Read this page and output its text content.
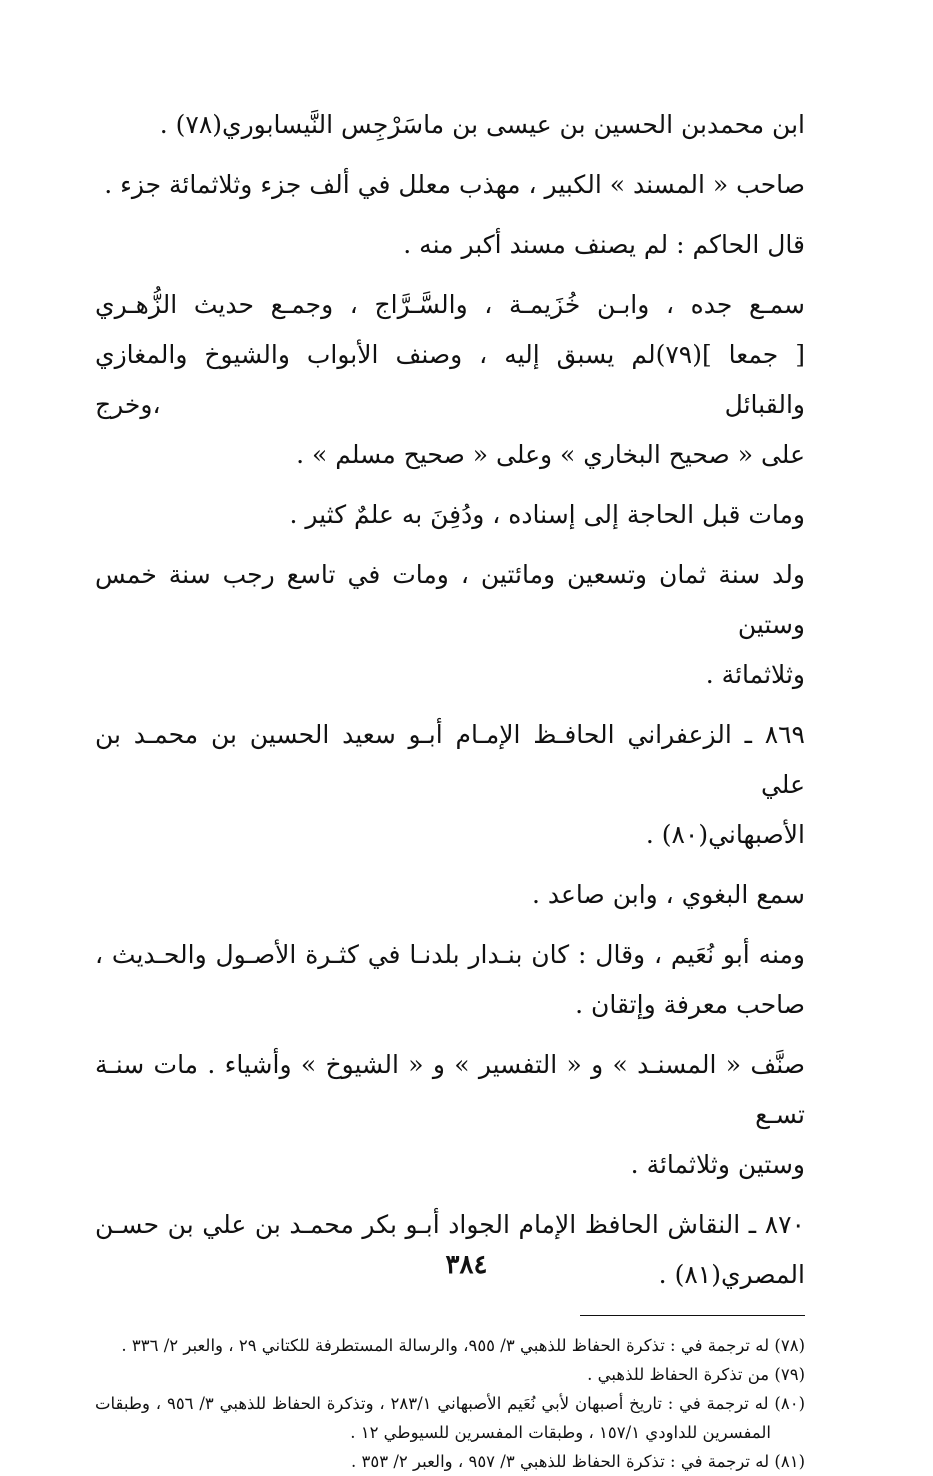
ابن محمدبن الحسين بن عيسى بن ماسَرْجِس النَّيسابوري(٧٨) .
صاحب « المسند » الكبير ، مهذب معلل في ألف جزء وثلاثمائة جزء .
قال الحاكم : لم يصنف مسند أكبر منه .
سمـع جده ، وابـن خُزَيمـة ، والسَّـرَّاج ، وجمـع حديث الزُّهـري
[ جمعا ](٧٩)لم يسبق إليه ، وصنف الأبواب والشيوخ والمغازي والقبائل ،وخرج
على « صحيح البخاري » وعلى « صحيح مسلم » .
ومات قبل الحاجة إلى إسناده ، ودُفِنَ به علمٌ كثير .
ولد سنة ثمان وتسعين ومائتين ، ومات في تاسع رجب سنة خمس وستين
وثلاثمائة .
٨٦٩ ـ الزعفراني الحافـظ الإمـام أبـو سعيد الحسين بن محمـد بن علي
الأصبهاني(٨٠) .
سمع البغوي ، وابن صاعد .
ومنه أبو نُعَيم ، وقال : كان بنـدار بلدنـا في كثـرة الأصـول والحـديث ،
صاحب معرفة وإتقان .
صنَّف « المسنـد » و « التفسير » و « الشيوخ » وأشياء . مات سنـة تسـع
وستين وثلاثمائة .
٨٧٠ ـ النقاش الحافظ الإمام الجواد أبـو بكر محمـد بن علي بن حسـن
المصري(٨١) .
(٧٨) له ترجمة في : تذكرة الحفاظ للذهبي ٣/ ٩٥٥، والرسالة المستطرفة للكتاني ٢٩ ، والعبر ٢/ ٣٣٦ .
(٧٩) من تذكرة الحفاظ للذهبي .
(٨٠) له ترجمة في : تاريخ أصبهان لأبي نُعَيم الأصبهاني ٢٨٣/١ ، وتذكرة الحفاظ للذهبي ٣/ ٩٥٦ ، وطبقات
المفسرين للداودي ١٥٧/١ ، وطبقات المفسرين للسيوطي ١٢ .
(٨١) له ترجمة في : تذكرة الحفاظ للذهبي ٣/ ٩٥٧ ، والعبر ٢/ ٣٥٣ .
٣٨٤
